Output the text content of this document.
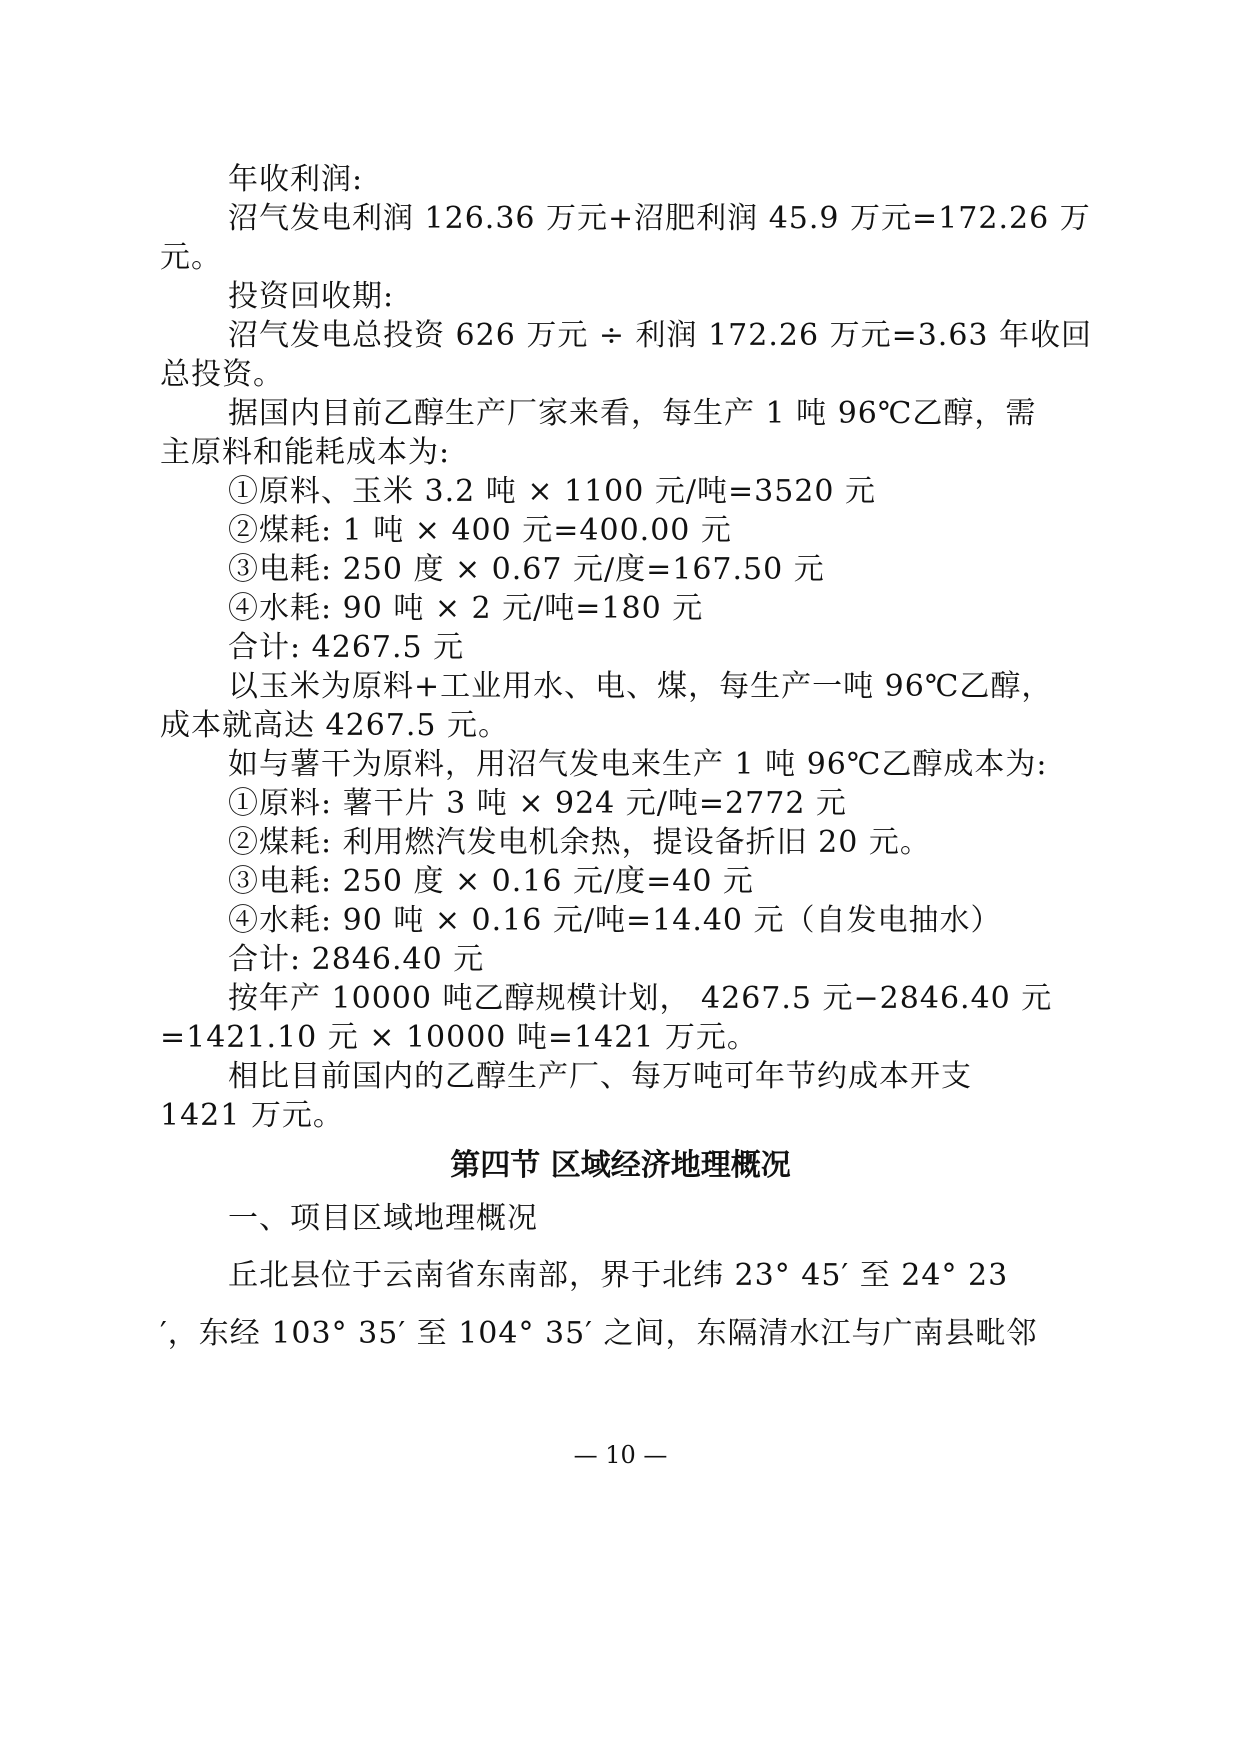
年收利润:
沼气发电利润 126.36 万元+沼肥利润 45.9 万元=172.26 万
元。
投资回收期:
沼气发电总投资 626 万元 ÷ 利润 172.26 万元=3.63 年收回
总投资。
据国内目前乙醇生产厂家来看，每生产 1 吨 96℃乙醇，需
主原料和能耗成本为:
①原料、玉米 3.2 吨 × 1100 元/吨=3520 元
②煤耗: 1 吨 × 400 元=400.00 元
③电耗: 250 度 × 0.67 元/度=167.50 元
④水耗: 90 吨 × 2 元/吨=180 元
合计: 4267.5 元
以玉米为原料+工业用水、电、煤，每生产一吨 96℃乙醇，
成本就高达 4267.5 元。
如与薯干为原料，用沼气发电来生产 1 吨 96℃乙醇成本为:
①原料: 薯干片 3 吨 × 924 元/吨=2772 元
②煤耗: 利用燃汽发电机余热，提设备折旧 20 元。
③电耗: 250 度 × 0.16 元/度=40 元
④水耗: 90 吨 × 0.16 元/吨=14.40 元（自发电抽水）
合计: 2846.40 元
按年产 10000 吨乙醇规模计划， 4267.5 元−2846.40 元
=1421.10 元 × 10000 吨=1421 万元。
相比目前国内的乙醇生产厂、每万吨可年节约成本开支
1421 万元。
第四节 区域经济地理概况
一、项目区域地理概况
丘北县位于云南省东南部，界于北纬 23° 45′ 至 24° 23
′，东经 103° 35′ 至 104° 35′ 之间，东隔清水江与广南县毗邻
— 10 —
